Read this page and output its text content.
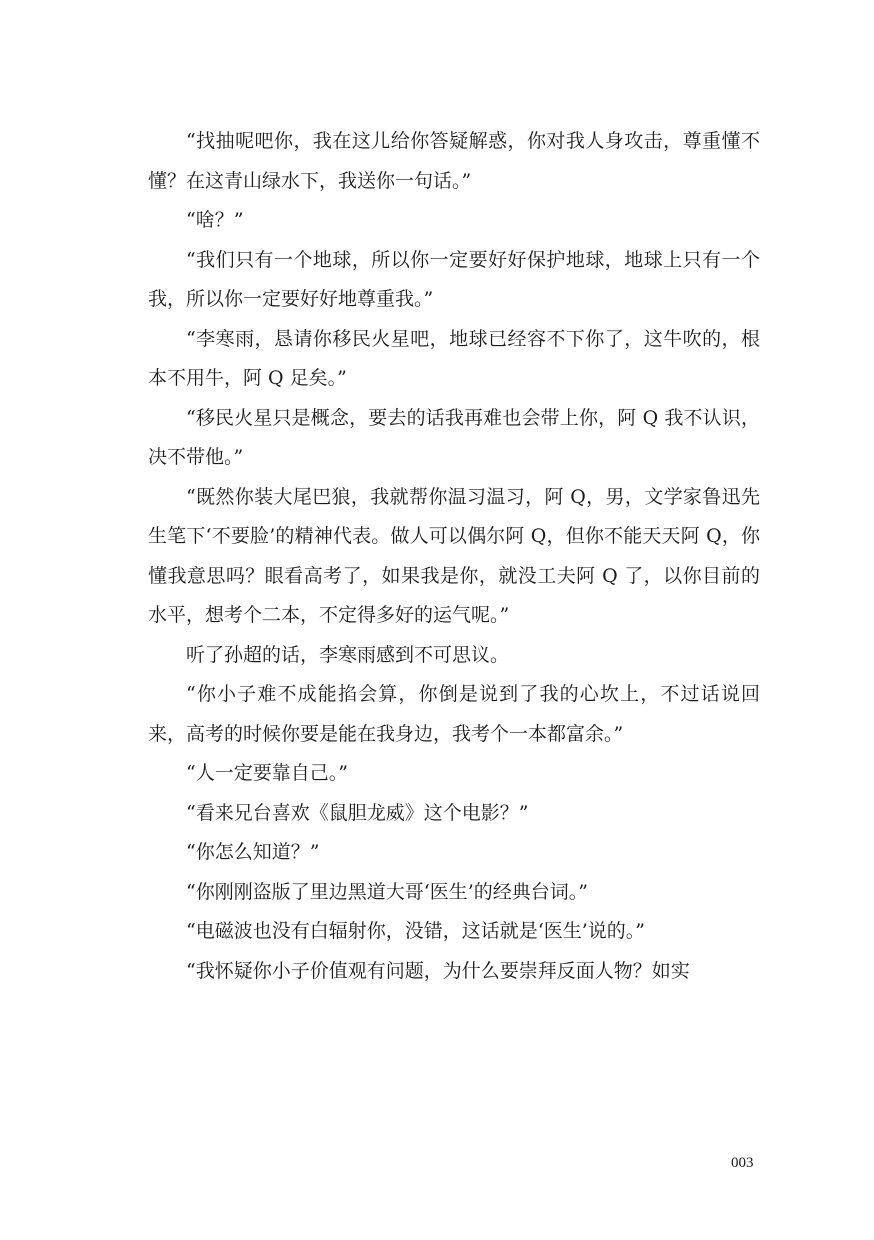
“找抽呢吧你，我在这儿给你答疑解惑，你对我人身攻击，尊重懂不懂？在这青山绿水下，我送你一句话。”

“啥？”

“我们只有一个地球，所以你一定要好好保护地球，地球上只有一个我，所以你一定要好好地尊重我。”

“李寒雨，恳请你移民火星吧，地球已经容不下你了，这牛吹的，根本不用牛，阿 Q 足矣。”

“移民火星只是概念，要去的话我再难也会带上你，阿 Q 我不认识，决不带他。”

“既然你装大尾巴狼，我就帮你温习温习，阿 Q，男，文学家鲁迅先生笔下‘不要脸’的精神代表。做人可以偶尔阿 Q，但你不能天天阿 Q，你懂我意思吗？眼看高考了，如果我是你，就没工夫阿 Q 了，以你目前的水平，想考个二本，不定得多好的运气呢。”

听了孙超的话，李寒雨感到不可思议。

“你小子难不成能掐会算，你倒是说到了我的心坎上，不过话说回来，高考的时候你要是能在我身边，我考个一本都富余。”

“人一定要靠自己。”

“看来兄台喜欢《鼠胆龙威》这个电影？”

“你怎么知道？”

“你刚刚盗版了里边黑道大哥‘医生’的经典台词。”

“电磁波也没有白辐射你，没错，这话就是‘医生’说的。”

“我怀疑你小子价值观有问题，为什么要崇拜反面人物？如实

003
